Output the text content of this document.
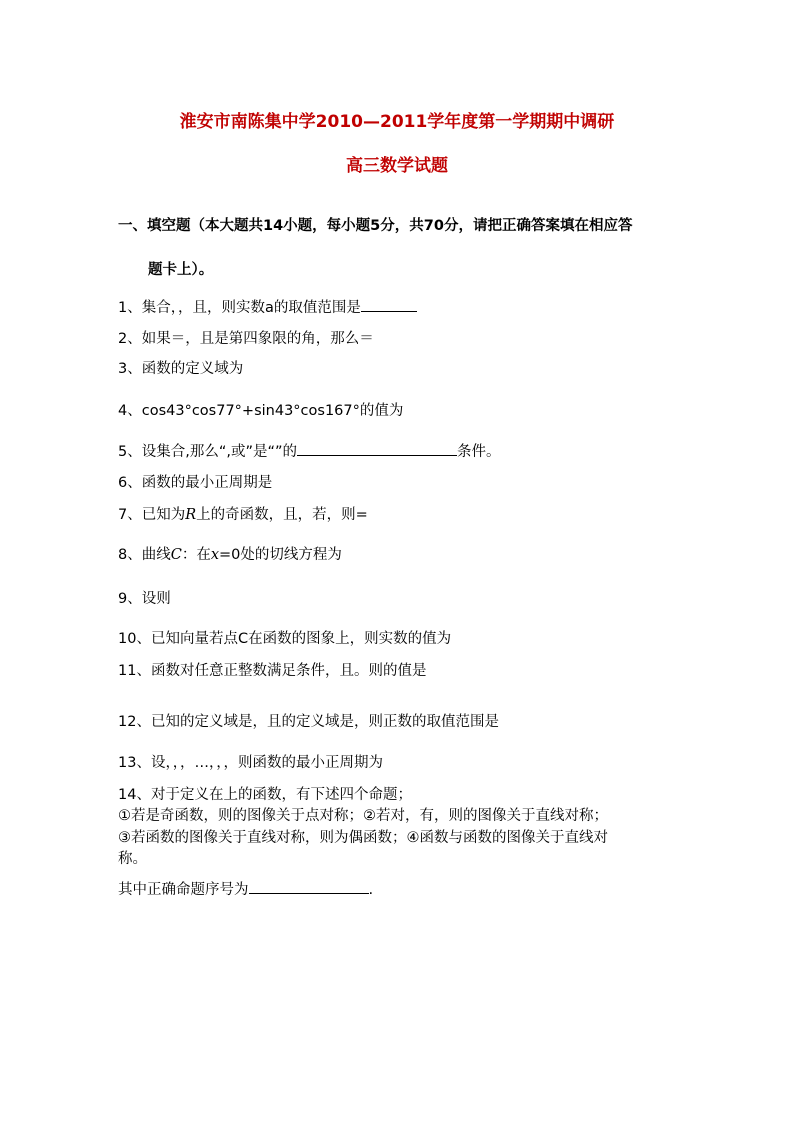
淮安市南陈集中学2010—2011学年度第一学期期中调研
高三数学试题
一、填空题（本大题共14小题，每小题5分，共70分，请把正确答案填在相应答
题卡上）。
1、集合，，且，则实数a的取值范围是
2、如果＝，且是第四象限的角，那么＝
3、函数的定义域为
4、cos43°cos77°+sin43°cos167°的值为
5、设集合,那么“,或”是“”的	条件。
6、函数的最小正周期是
7、已知为R上的奇函数，且，若，则=
8、曲线C：在x=0处的切线方程为
9、设则
10、已知向量若点C在函数的图象上，则实数的值为
11、函数对任意正整数满足条件，且。则的值是
12、已知的定义域是，且的定义域是，则正数的取值范围是
13、设，，，…，，，则函数的最小正周期为
14、对于定义在上的函数，有下述四个命题；
①若是奇函数，则的图像关于点对称；②若对，有，则的图像关于直线对称；
③若函数的图像关于直线对称，则为偶函数；④函数与函数的图像关于直线对
称。
其中正确命题序号为	.
